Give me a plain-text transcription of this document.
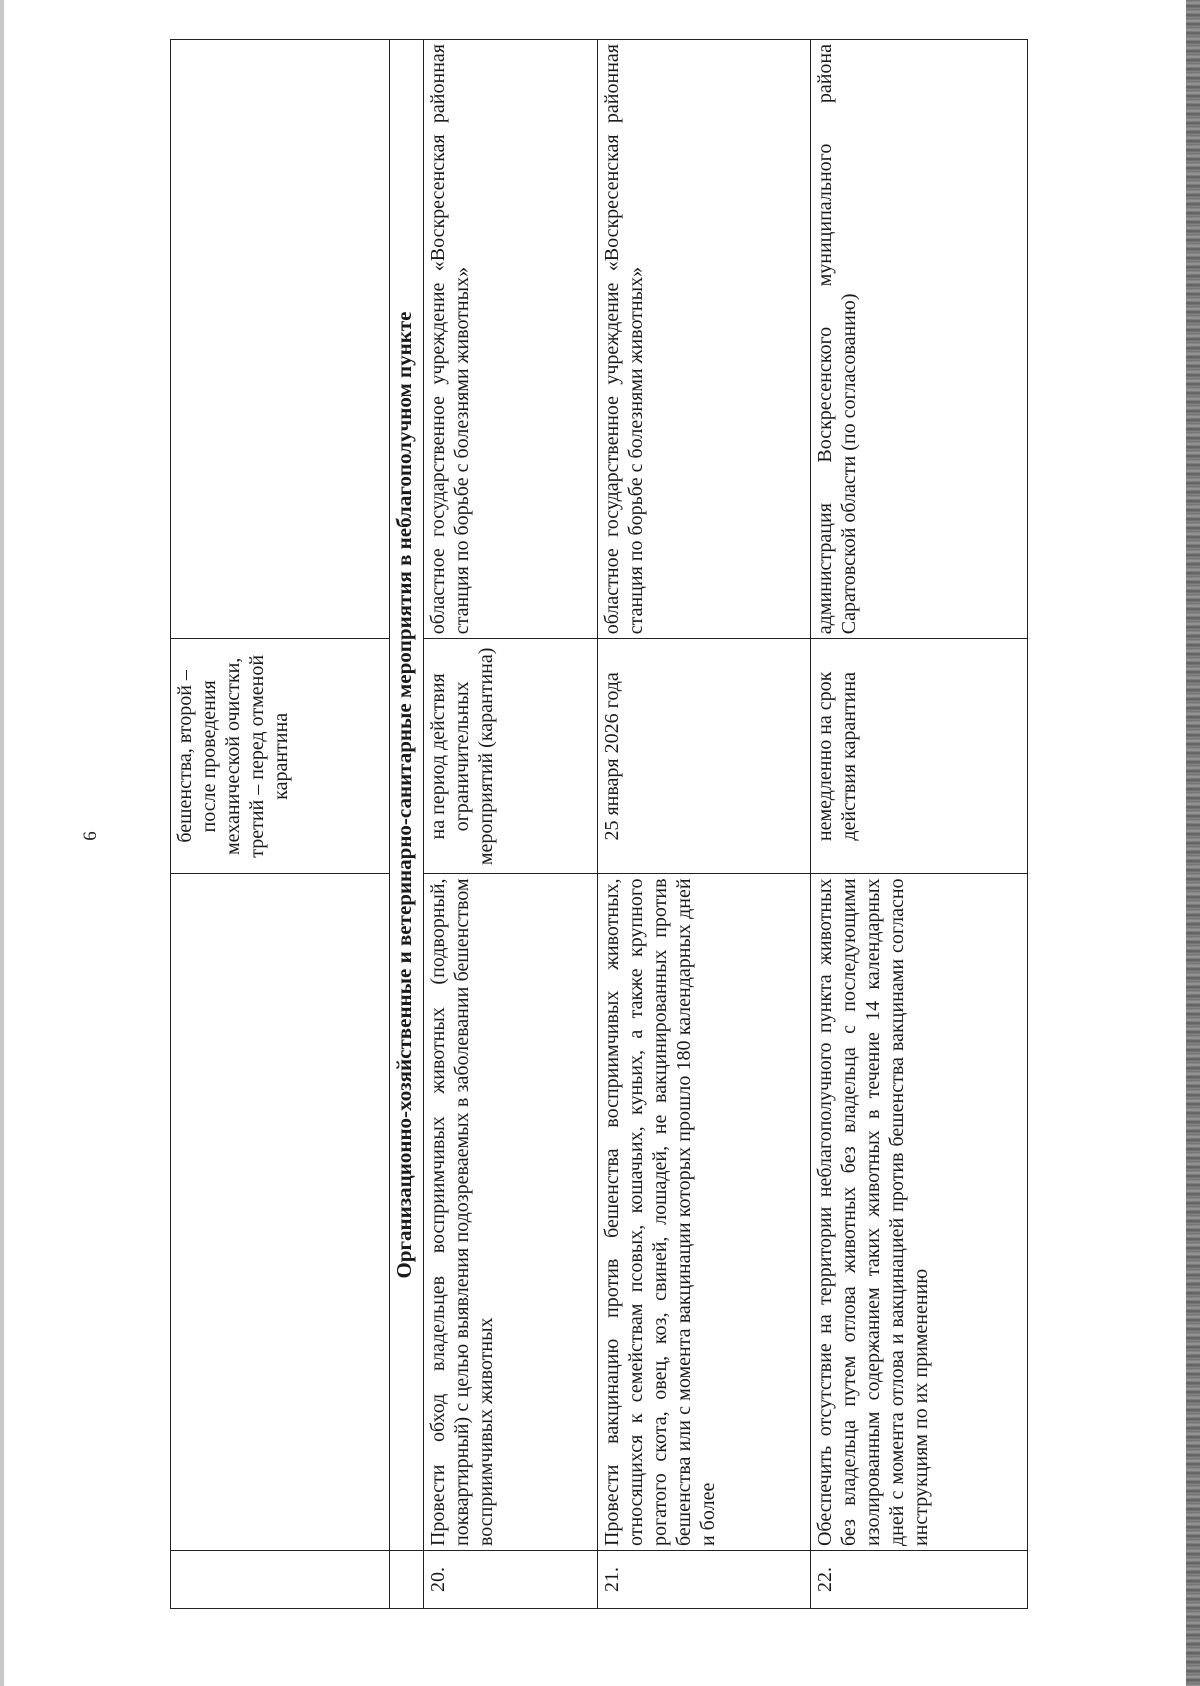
6
			бешенства, второй – после проведения механической очистки, третий – перед отменой карантина	
	Организационно-хозяйственные и ветеринарно-санитарные мероприятия в неблагополучном пункте		
20.	Провести обход владельцев восприимчивых животных (подворный, поквартирный) с целью выявления подозреваемых в заболевании бешенством восприимчивых животных	на период действия ограничительных мероприятий (карантина)	областное государственное учреждение «Воскресенская районная станция по борьбе с болезнями животных»
21.	Провести вакцинацию против бешенства восприимчивых животных, относящихся к семействам псовых, кошачьих, куньих, а также крупного рогатого скота, овец, коз, свиней, лошадей, не вакцинированных против бешенства или с момента вакцинации которых прошло 180 календарных дней и более	25 января 2026 года	областное государственное учреждение «Воскресенская районная станция по борьбе с болезнями животных»
22.	Обеспечить отсутствие на территории неблагополучного пункта животных без владельца путем отлова животных без владельца с последующими изолированным содержанием таких животных в течение 14 календарных дней с момента отлова и вакцинацией против бешенства вакцинами согласно инструкциям по их применению	немедленно на срок действия карантина	администрация Воскресенского муниципального района Саратовской области (по согласованию)
